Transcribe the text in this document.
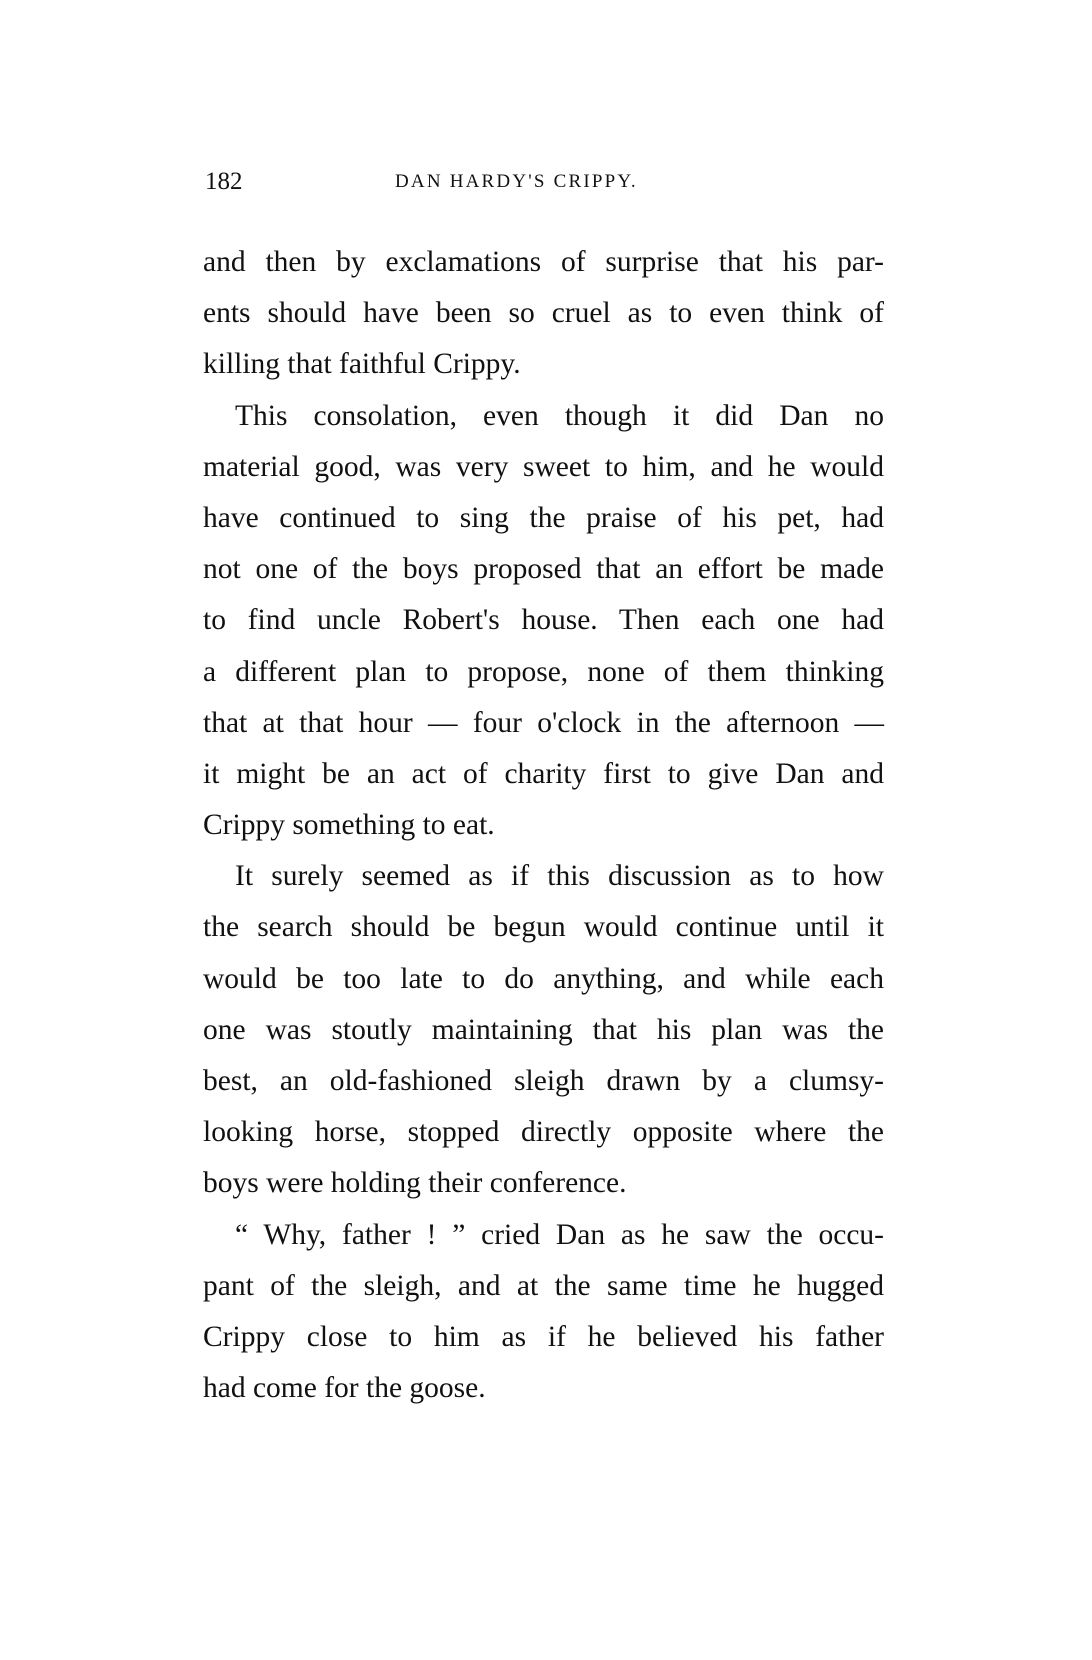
182	DAN HARDY'S CRIPPY.
and then by exclamations of surprise that his par-
ents should have been so cruel as to even think of
killing that faithful Crippy.
This consolation, even though it did Dan no
material good, was very sweet to him, and he would
have continued to sing the praise of his pet, had
not one of the boys proposed that an effort be made
to find uncle Robert's house. Then each one had
a different plan to propose, none of them thinking
that at that hour — four o'clock in the afternoon —
it might be an act of charity first to give Dan and
Crippy something to eat.
It surely seemed as if this discussion as to how
the search should be begun would continue until it
would be too late to do anything, and while each
one was stoutly maintaining that his plan was the
best, an old-fashioned sleigh drawn by a clumsy-
looking horse, stopped directly opposite where the
boys were holding their conference.
“ Why, father ! ” cried Dan as he saw the occu-
pant of the sleigh, and at the same time he hugged
Crippy close to him as if he believed his father
had come for the goose.
